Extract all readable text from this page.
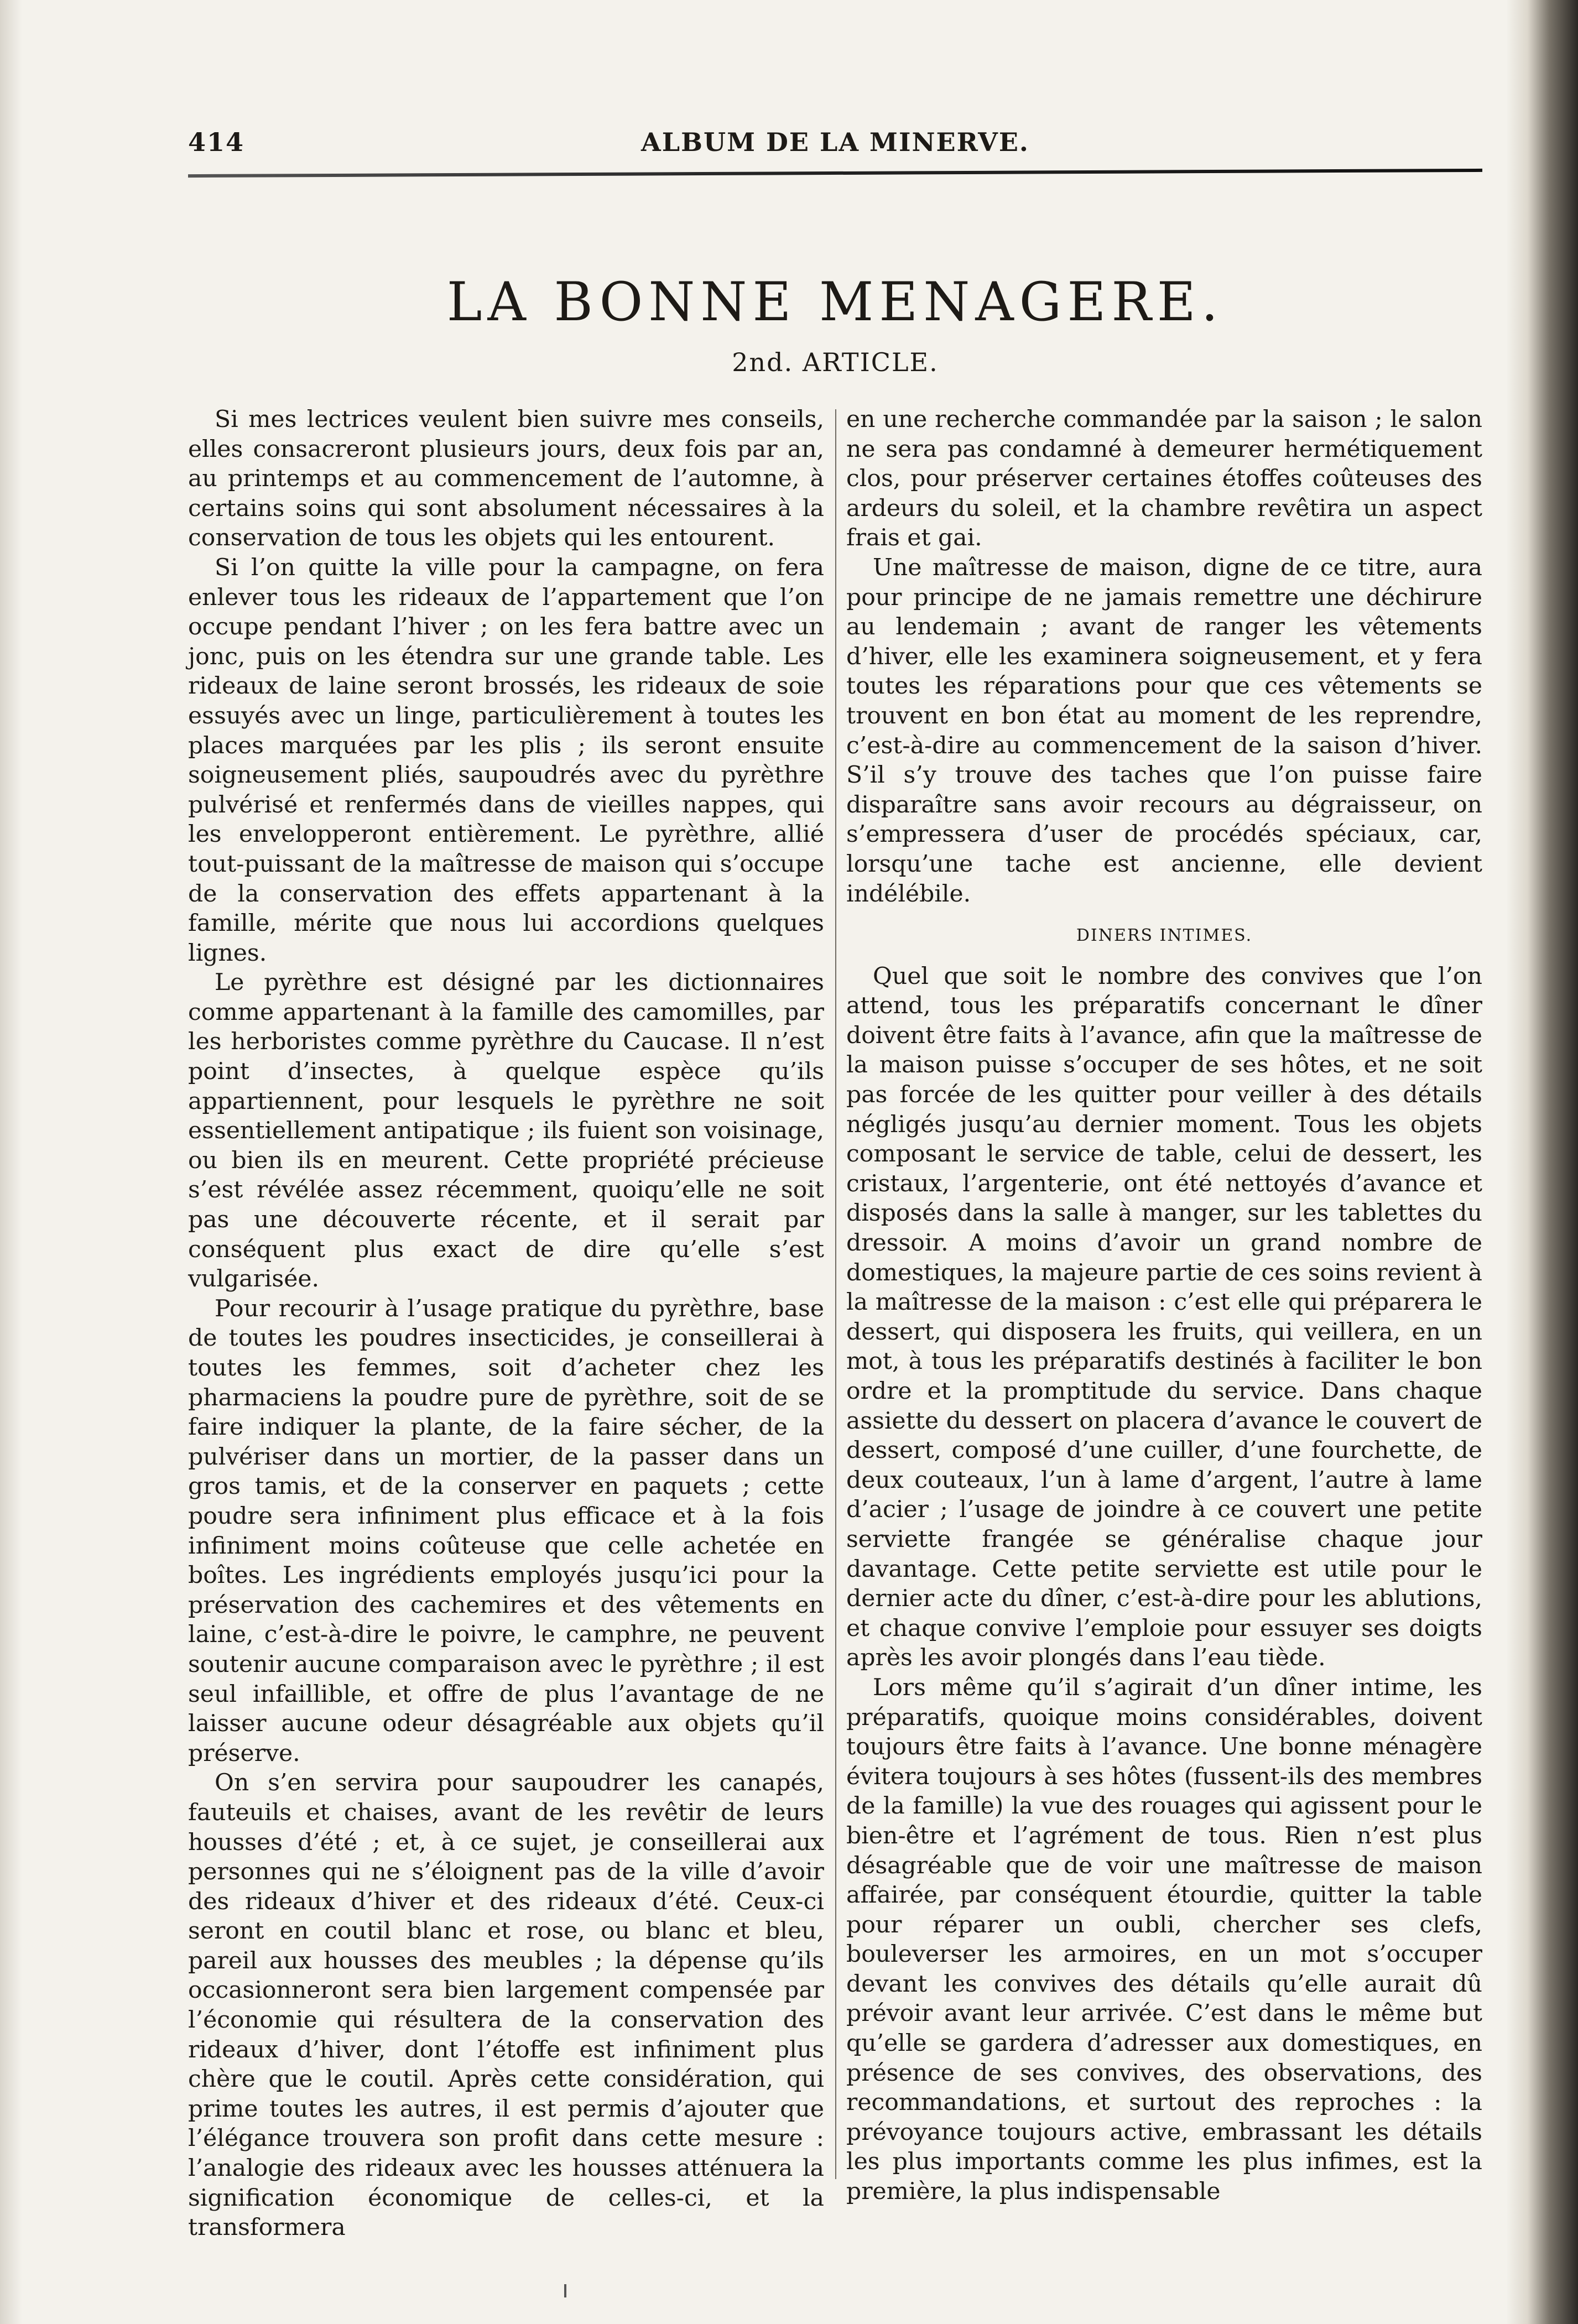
414	ALBUM DE LA MINERVE.
LA BONNE MENAGERE.
2nd. ARTICLE.

Si mes lectrices veulent bien suivre mes conseils, elles consacreront plusieurs jours, deux fois par an, au printemps et au commencement de l’automne, à certains soins qui sont absolument nécessaires à la conservation de tous les objets qui les entourent.

Si l’on quitte la ville pour la campagne, on fera enlever tous les rideaux de l’appartement que l’on occupe pendant l’hiver ; on les fera battre avec un jonc, puis on les étendra sur une grande table. Les rideaux de laine seront brossés, les rideaux de soie essuyés avec un linge, particulièrement à toutes les places marquées par les plis ; ils seront ensuite soigneusement pliés, saupoudrés avec du pyrèthre pulvérisé et renfermés dans de vieilles nappes, qui les envelopperont entièrement. Le pyrèthre, allié tout-puissant de la maîtresse de maison qui s’occupe de la conservation des effets appartenant à la famille, mérite que nous lui accordions quelques lignes.

Le pyrèthre est désigné par les dictionnaires comme appartenant à la famille des camomilles, par les herboristes comme pyrèthre du Caucase. Il n’est point d’insectes, à quelque espèce qu’ils appartiennent, pour lesquels le pyrèthre ne soit essentiellement antipatique ; ils fuient son voisinage, ou bien ils en meurent. Cette propriété précieuse s’est révélée assez récemment, quoiqu’elle ne soit pas une découverte récente, et il serait par conséquent plus exact de dire qu’elle s’est vulgarisée.

Pour recourir à l’usage pratique du pyrèthre, base de toutes les poudres insecticides, je conseillerai à toutes les femmes, soit d’acheter chez les pharmaciens la poudre pure de pyrèthre, soit de se faire indiquer la plante, de la faire sécher, de la pulvériser dans un mortier, de la passer dans un gros tamis, et de la conserver en paquets ; cette poudre sera infiniment plus efficace et à la fois infiniment moins coûteuse que celle achetée en boîtes. Les ingrédients employés jusqu’ici pour la préservation des cachemires et des vêtements en laine, c’est-à-dire le poivre, le camphre, ne peuvent soutenir aucune comparaison avec le pyrèthre ; il est seul infaillible, et offre de plus l’avantage de ne laisser aucune odeur désagréable aux objets qu’il préserve.

On s’en servira pour saupoudrer les canapés, fauteuils et chaises, avant de les revêtir de leurs housses d’été ; et, à ce sujet, je conseillerai aux personnes qui ne s’éloignent pas de la ville d’avoir des rideaux d’hiver et des rideaux d’été. Ceux-ci seront en coutil blanc et rose, ou blanc et bleu, pareil aux housses des meubles ; la dépense qu’ils occasionneront sera bien largement compensée par l’économie qui résultera de la conservation des rideaux d’hiver, dont l’étoffe est infiniment plus chère que le coutil. Après cette considération, qui prime toutes les autres, il est permis d’ajouter que l’élégance trouvera son profit dans cette mesure : l’analogie des rideaux avec les housses atténuera la signification économique de celles-ci, et la transformera

en une recherche commandée par la saison ; le salon ne sera pas condamné à demeurer hermétiquement clos, pour préserver certaines étoffes coûteuses des ardeurs du soleil, et la chambre revêtira un aspect frais et gai.

Une maîtresse de maison, digne de ce titre, aura pour principe de ne jamais remettre une déchirure au lendemain ; avant de ranger les vêtements d’hiver, elle les examinera soigneusement, et y fera toutes les réparations pour que ces vêtements se trouvent en bon état au moment de les reprendre, c’est-à-dire au commencement de la saison d’hiver. S’il s’y trouve des taches que l’on puisse faire disparaître sans avoir recours au dégraisseur, on s’empressera d’user de procédés spéciaux, car, lorsqu’une tache est ancienne, elle devient indélébile.

DINERS INTIMES.

Quel que soit le nombre des convives que l’on attend, tous les préparatifs concernant le dîner doivent être faits à l’avance, afin que la maîtresse de la maison puisse s’occuper de ses hôtes, et ne soit pas forcée de les quitter pour veiller à des détails négligés jusqu’au dernier moment. Tous les objets composant le service de table, celui de dessert, les cristaux, l’argenterie, ont été nettoyés d’avance et disposés dans la salle à manger, sur les tablettes du dressoir. A moins d’avoir un grand nombre de domestiques, la majeure partie de ces soins revient à la maîtresse de la maison : c’est elle qui préparera le dessert, qui disposera les fruits, qui veillera, en un mot, à tous les préparatifs destinés à faciliter le bon ordre et la promptitude du service. Dans chaque assiette du dessert on placera d’avance le couvert de dessert, composé d’une cuiller, d’une fourchette, de deux couteaux, l’un à lame d’argent, l’autre à lame d’acier ; l’usage de joindre à ce couvert une petite serviette frangée se généralise chaque jour davantage. Cette petite serviette est utile pour le dernier acte du dîner, c’est-à-dire pour les ablutions, et chaque convive l’emploie pour essuyer ses doigts après les avoir plongés dans l’eau tiède.

Lors même qu’il s’agirait d’un dîner intime, les préparatifs, quoique moins considérables, doivent toujours être faits à l’avance. Une bonne ménagère évitera toujours à ses hôtes (fussent-ils des membres de la famille) la vue des rouages qui agissent pour le bien-être et l’agrément de tous. Rien n’est plus désagréable que de voir une maîtresse de maison affairée, par conséquent étourdie, quitter la table pour réparer un oubli, chercher ses clefs, bouleverser les armoires, en un mot s’occuper devant les convives des détails qu’elle aurait dû prévoir avant leur arrivée. C’est dans le même but qu’elle se gardera d’adresser aux domestiques, en présence de ses convives, des observations, des recommandations, et surtout des reproches : la prévoyance toujours active, embrassant les détails les plus importants comme les plus infimes, est la première, la plus indispensable
